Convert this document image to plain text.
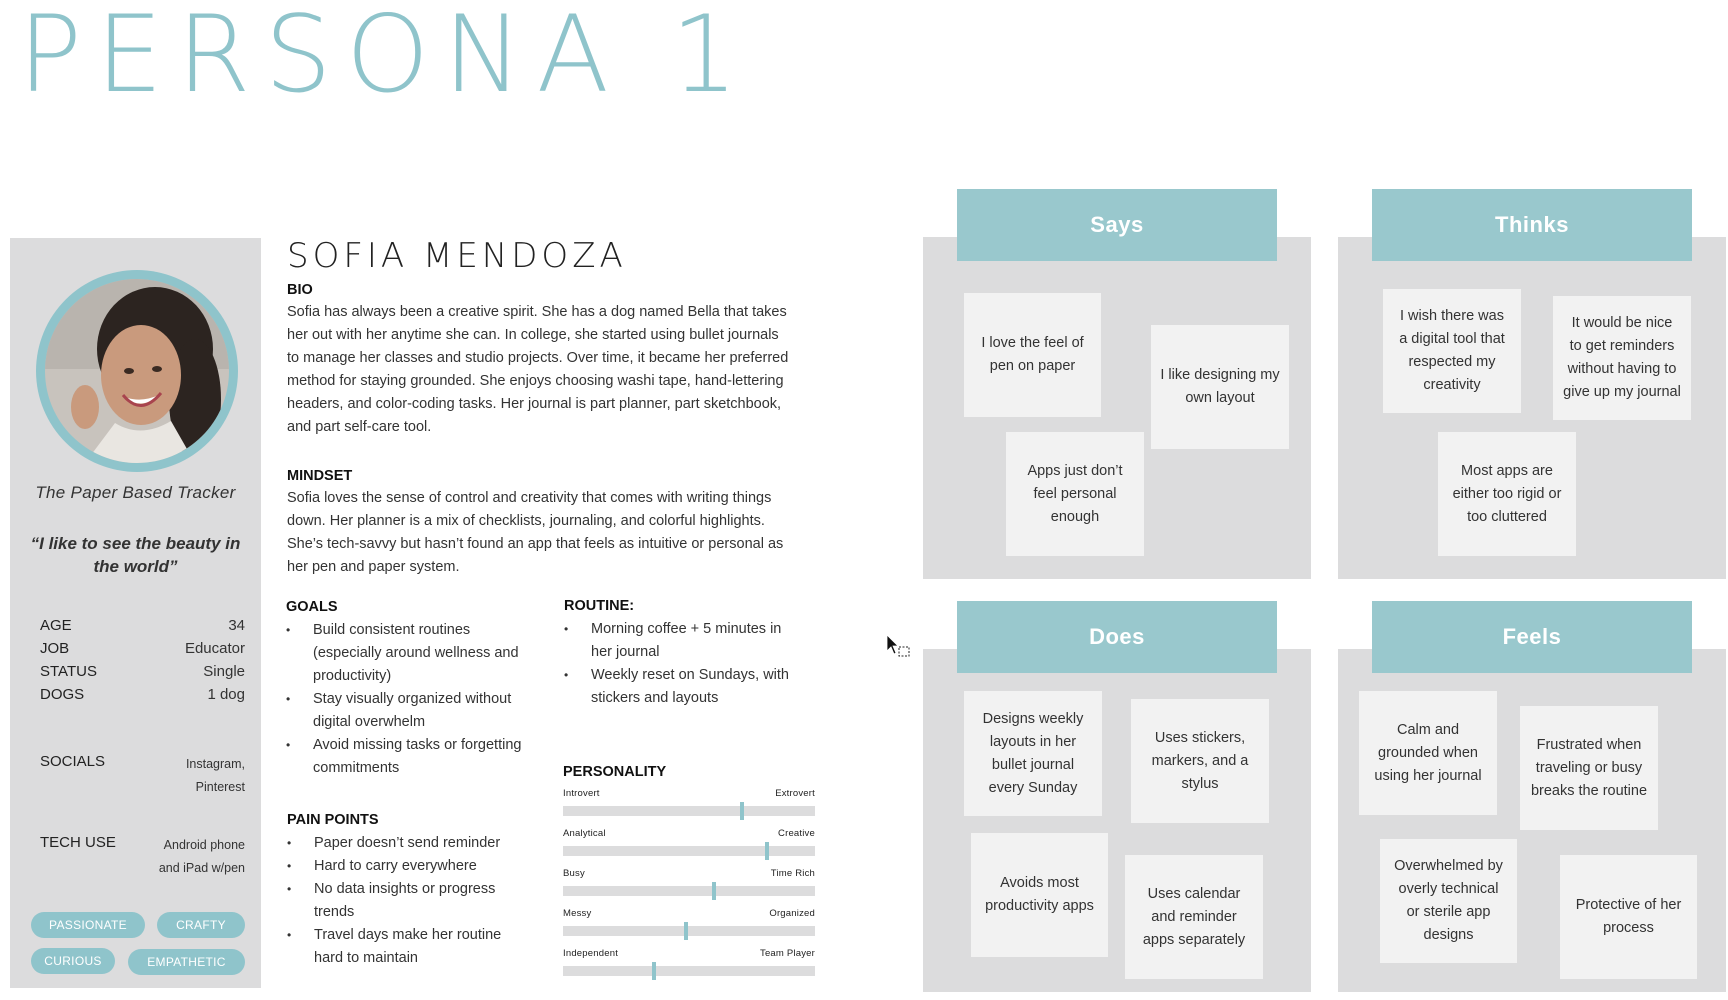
PERSONA 1
The Paper Based Tracker
“I like to see the beauty in the world”
AGE	34
JOB	Educator
STATUS	Single
DOGS	1 dog
SOCIALS	Instagram,
Pinterest
TECH USE	Android phone
and iPad w/pen
PASSIONATE	CRAFTY
CURIOUS	EMPATHETIC
SOFIA MENDOZA
BIO
Sofia has always been a creative spirit. She has a dog named Bella that takes
her out with her anytime she can. In college, she started using bullet journals
to manage her classes and studio projects. Over time, it became her preferred
method for staying grounded. She enjoys choosing washi tape, hand-lettering
headers, and color-coding tasks. Her journal is part planner, part sketchbook,
and part self-care tool.
MINDSET
Sofia loves the sense of control and creativity that comes with writing things
down. Her planner is a mix of checklists, journaling, and colorful highlights.
She’s tech-savvy but hasn’t found an app that feels as intuitive or personal as
her pen and paper system.
GOALS
• Build consistent routines
(especially around wellness and
productivity)
• Stay visually organized without
digital overwhelm
• Avoid missing tasks or forgetting
commitments
ROUTINE:
• Morning coffee + 5 minutes in
her journal
• Weekly reset on Sundays, with
stickers and layouts
PAIN POINTS
• Paper doesn’t send reminder
• Hard to carry everywhere
• No data insights or progress
trends
• Travel days make her routine
hard to maintain
PERSONALITY
Introvert	Extrovert
Analytical	Creative
Busy	Time Rich
Messy	Organized
Independent	Team Player
Says
I love the feel of
pen on paper
I like designing my
own layout
Apps just don’t
feel personal
enough
Thinks
I wish there was
a digital tool that
respected my
creativity
It would be nice
to get reminders
without having to
give up my journal
Most apps are
either too rigid or
too cluttered
Does
Designs weekly
layouts in her
bullet journal
every Sunday
Uses stickers,
markers, and a
stylus
Avoids most
productivity apps
Uses calendar
and reminder
apps separately
Feels
Calm and
grounded when
using her journal
Frustrated when
traveling or busy
breaks the routine
Overwhelmed by
overly technical
or sterile app
designs
Protective of her
process
